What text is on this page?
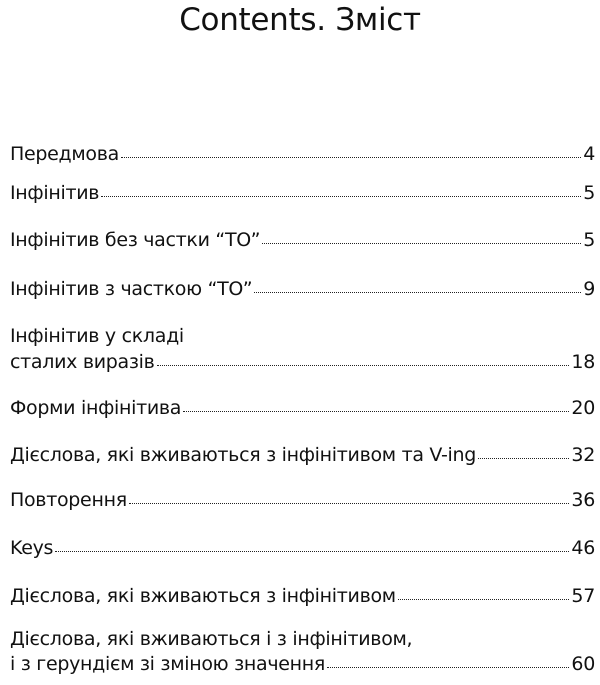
Contents. Зміст
Передмова	4
Інфінітив	5
Інфінітив без частки “TO”	5
Інфінітив з часткою “TO”	9
Інфінітив у складі
сталих виразів	18
Форми інфінітива	20
Дієслова, які вживаються з інфінітивом та V-ing	32
Повторення	36
Keys	46
Дієслова, які вживаються з інфінітивом	57
Дієслова, які вживаються і з інфінітивом,
і з герундієм зі зміною значення	60
